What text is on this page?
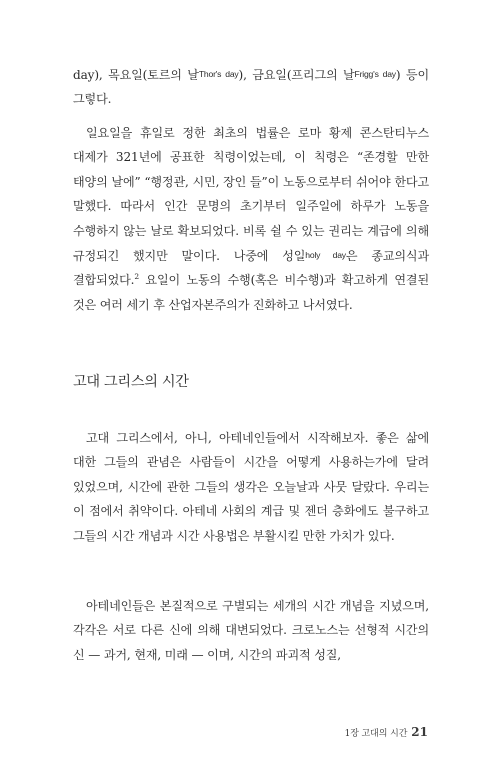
day), 목요일(토르의 날Thor's day), 금요일(프리그의 날Frigg's day) 등이 그렇다.

일요일을 휴일로 정한 최초의 법률은 로마 황제 콘스탄티누스 대제가 321년에 공표한 칙령이었는데, 이 칙령은 “존경할 만한 태양의 날에” “행정관, 시민, 장인 들”이 노동으로부터 쉬어야 한다고 말했다. 따라서 인간 문명의 초기부터 일주일에 하루가 노동을 수행하지 않는 날로 확보되었다. 비록 쉴 수 있는 권리는 계급에 의해 규정되긴 했지만 말이다. 나중에 성일holy day은 종교의식과 결합되었다.$^2$ 요일이 노동의 수행(혹은 비수행)과 확고하게 연결된 것은 여러 세기 후 산업자본주의가 진화하고 나서였다.

고대 그리스의 시간

고대 그리스에서, 아니, 아테네인들에서 시작해보자. 좋은 삶에 대한 그들의 관념은 사람들이 시간을 어떻게 사용하는가에 달려 있었으며, 시간에 관한 그들의 생각은 오늘날과 사뭇 달랐다. 우리는 이 점에서 취약이다. 아테네 사회의 계급 및 젠더 층화에도 불구하고 그들의 시간 개념과 시간 사용법은 부활시킬 만한 가치가 있다.

아테네인들은 본질적으로 구별되는 세개의 시간 개념을 지녔으며, 각각은 서로 다른 신에 의해 대변되었다. 크로노스는 선형적 시간의 신 — 과거, 현재, 미래 — 이며, 시간의 파괴적 성질,

1장 고대의 시간 21
